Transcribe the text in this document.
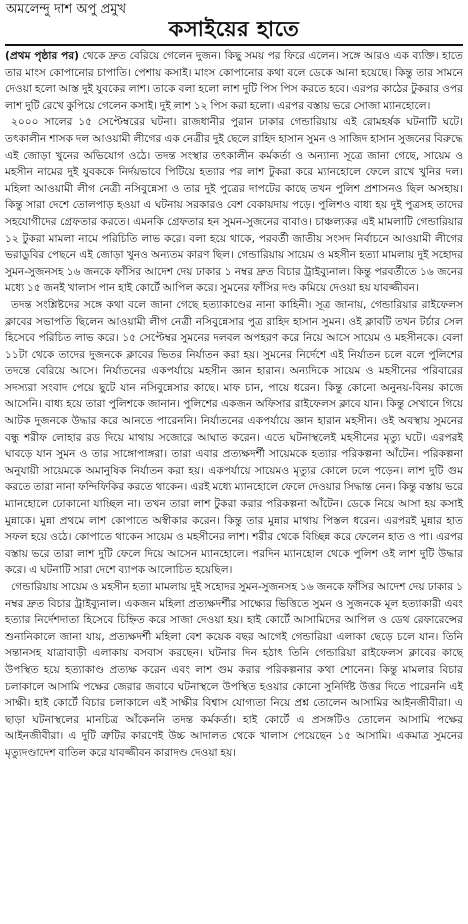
অমলেন্দু দাশ অপু প্রমুখ
কসাইয়ের হাতে

(প্রথম পৃষ্ঠার পর) থেকে দ্রুত বেরিয়ে গেলেন দুজন। কিছু সময় পর ফিরে এলেন। সঙ্গে আরও এক ব্যক্তি। হাতে তার মাংস কোপানোর চাপাতি। পেশায় কসাই। মাংস কোপানোর কথা বলে ডেকে আনা হয়েছে। কিন্তু তার সামনে দেওয়া হলো আস্ত দুই যুবকের লাশ। তাকে বলা হলো লাশ দুটি পিস পিস করতে হবে। এরপর কাঠের টুকরার ওপর লাশ দুটি রেখে কুপিয়ে গেলেন কসাই। দুই লাশ ১২ পিস করা হলো। এরপর বস্তায় ভরে সোজা ম্যানহোলে।

২০০০ সালের ১৫ সেপ্টেম্বরের ঘটনা। রাজধানীর পুরান ঢাকার গেন্ডারিয়ায় এই রোমহর্ষক ঘটনাটি ঘটে। তৎকালীন শাসক দল আওয়ামী লীগের এক নেত্রীর দুই ছেলে রাহিদ হাসান সুমন ও সাজিদ হাসান সুজনের বিরুদ্ধে এই জোড়া খুনের অভিযোগ ওঠে। তদন্ত সংস্থার তৎকালীন কর্মকর্তা ও অন্যান্য সূত্রে জানা গেছে, সায়েম ও মহসীন নামের দুই যুবককে নির্দয়ভাবে পিটিয়ে হত্যার পর লাশ টুকরা করে ম্যানহোলে ফেলে রাখে খুনির দল। মহিলা আওয়ামী লীগ নেত্রী নসিবুন্নেসা ও তার দুই পুত্রের দাপটের কাছে তখন পুলিশ প্রশাসনও ছিল অসহায়। কিন্তু সারা দেশে তোলপাড় হওয়া এ ঘটনায় সরকারও বেশ বেকায়দায় পড়ে। পুলিশও বাধ্য হয় দুই পুত্রসহ তাদের সহযোগীদের গ্রেফতার করতে। এমনকি গ্রেফতার হন সুমন-সুজনের বাবাও। চাঞ্চল্যকর এই মামলাটি গেন্ডারিয়ার ১২ টুকরা মামলা নামে পরিচিতি লাভ করে। বলা হয়ে থাকে, পরবর্তী জাতীয় সংসদ নির্বাচনে আওয়ামী লীগের ভরাডুবির পেছনে এই জোড়া খুনও অন্যতম কারণ ছিল। গেন্ডারিয়ায় সায়েম ও মহসীন হত্যা মামলায় দুই সহোদর সুমন-সুজনসহ ১৬ জনকে ফাঁসির আদেশ দেয় ঢাকার ১ নম্বর দ্রুত বিচার ট্রাইব্যুনাল। কিন্তু পরবর্তীতে ১৬ জনের মধ্যে ১৫ জনই খালাস পান হাই কোর্টে আপিল করে। সুমনের ফাঁসির দণ্ড কমিয়ে দেওয়া হয় যাবজ্জীবন।

তদন্ত সংশ্লিষ্টদের সঙ্গে কথা বলে জানা গেছে হত্যাকাণ্ডের নানা কাহিনী। সূত্র জানায়, গেন্ডারিয়ার রাইফেলস ক্লাবের সভাপতি ছিলেন আওয়ামী লীগ নেত্রী নসিবুন্নেসার পুত্র রাহিদ হাসান সুমন। ওই ক্লাবটি তখন টর্চার সেল হিসেবে পরিচিত লাভ করে। ১৫ সেপ্টেম্বর সুমনের দলবল অপহরণ করে নিয়ে আসে সায়েম ও মহসীনকে। বেলা ১১টা থেকে তাদের দুজনকে ক্লাবের ভিতর নির্যাতন করা হয়। সুমনের নির্দেশে এই নির্যাতন চলে বলে পুলিশের তদন্তে বেরিয়ে আসে। নির্যাতনের একপর্যায়ে মহসীন জ্ঞান হারান। অন্যদিকে সায়েম ও মহসীনের পরিবারের সদস্যরা সংবাদ পেয়ে ছুটে যান নসিবুন্নেসার কাছে। মাফ চান, পায়ে ধরেন। কিন্তু কোনো অনুনয়-বিনয় কাজে আসেনি। বাধ্য হয়ে তারা পুলিশকে জানান। পুলিশের একজন অফিসার রাইফেলস ক্লাবে যান। কিন্তু সেখানে গিয়ে আটক দুজনকে উদ্ধার করে আনতে পারেননি। নির্যাতনের একপর্যায়ে জ্ঞান হারান মহসীন। ওই অবস্থায় সুমনের বন্ধু শরীফ লোহার রড দিয়ে মাথায় সজোরে আঘাত করেন। এতে ঘটনাস্থলেই মহসীনের মৃত্যু ঘটে। এরপরই ঘাবড়ে যান সুমন ও তার সাঙ্গোপাঙ্গরা। তারা এবার প্রত্যক্ষদর্শী সায়েমকে হত্যার পরিকল্পনা আঁটেন। পরিকল্পনা অনুযায়ী সায়েমকে অমানুষিক নির্যাতন করা হয়। একপর্যায়ে সায়েমও মৃত্যুর কোলে ঢলে পড়েন। লাশ দুটি গুম করতে তারা নানা ফন্দিফিকির করতে থাকেন। এরই মধ্যে ম্যানহোলে ফেলে দেওয়ার সিদ্ধান্ত নেন। কিন্তু বস্তায় ভরে ম্যানহোলে ঢোকানো যাচ্ছিল না। তখন তারা লাশ টুকরা করার পরিকল্পনা আঁটেন। ডেকে নিয়ে আসা হয় কসাই মুন্নাকে। মুন্না প্রথমে লাশ কোপাতে অস্বীকার করেন। কিন্তু তার মুন্নার মাথায় পিস্তল ধরেন। এরপরই মুন্নার হাত সফল হয়ে ওঠে। কোপাতে থাকেন সায়েম ও মহসীনের লাশ। শরীর থেকে বিচ্ছিন্ন করে ফেলেন হাত ও পা। এরপর বস্তায় ভরে তারা লাশ দুটি ফেলে দিয়ে আসেন ম্যানহোলে। পরদিন ম্যানহোল থেকে পুলিশ ওই লাশ দুটি উদ্ধার করে। এ ঘটনাটি সারা দেশে ব্যাপক আলোচিত হয়েছিল।

গেন্ডারিয়ায় সায়েম ও মহসীন হত্যা মামলায় দুই সহোদর সুমন-সুজনসহ ১৬ জনকে ফাঁসির আদেশ দেয় ঢাকার ১ নম্বর দ্রুত বিচার ট্রাইব্যুনাল। একজন মহিলা প্রত্যক্ষদর্শীর সাক্ষ্যের ভিত্তিতে সুমন ও সুজনকে মূল হত্যাকারী এবং হত্যার নির্দেশদাতা হিসেবে চিহ্নিত করে সাজা দেওয়া হয়। হাই কোর্টে আসামিদের আপিল ও ডেথ রেফারেন্সের শুনানিকালে জানা যায়, প্রত্যক্ষদর্শী মহিলা বেশ কয়েক বছর আগেই গেন্ডারিয়া এলাকা ছেড়ে চলে যান। তিনি সন্তানসহ যাত্রাবাড়ী এলাকায় বসবাস করছেন। ঘটনার দিন হঠাৎ তিনি গেন্ডারিয়া রাইফেলস ক্লাবের কাছে উপস্থিত হয়ে হত্যাকাণ্ড প্রত্যক্ষ করেন এবং লাশ গুম করার পরিকল্পনার কথা শোনেন। কিন্তু মামলার বিচার চলাকালে আসামি পক্ষের জেরার জবাবে ঘটনাস্থলে উপস্থিত হওয়ার কোনো সুনির্দিষ্ট উত্তর দিতে পারেননি এই সাক্ষী। হাই কোর্টে বিচার চলাকালে এই সাক্ষীর বিশ্বাস যোগ্যতা নিয়ে প্রশ্ন তোলেন আসামির আইনজীবীরা। এ ছাড়া ঘটনাস্থলের মানচিত্র আঁকেননি তদন্ত কর্মকর্তা। হাই কোর্টে এ প্রসঙ্গটিও তোলেন আসামি পক্ষের আইনজীবীরা। এ দুটি ত্রুটির কারণেই উচ্চ আদালত থেকে খালাস পেয়েছেন ১৫ আসামি। একমাত্র সুমনের মৃত্যুদণ্ডাদেশ বাতিল করে যাবজ্জীবন কারাদণ্ড দেওয়া হয়।
